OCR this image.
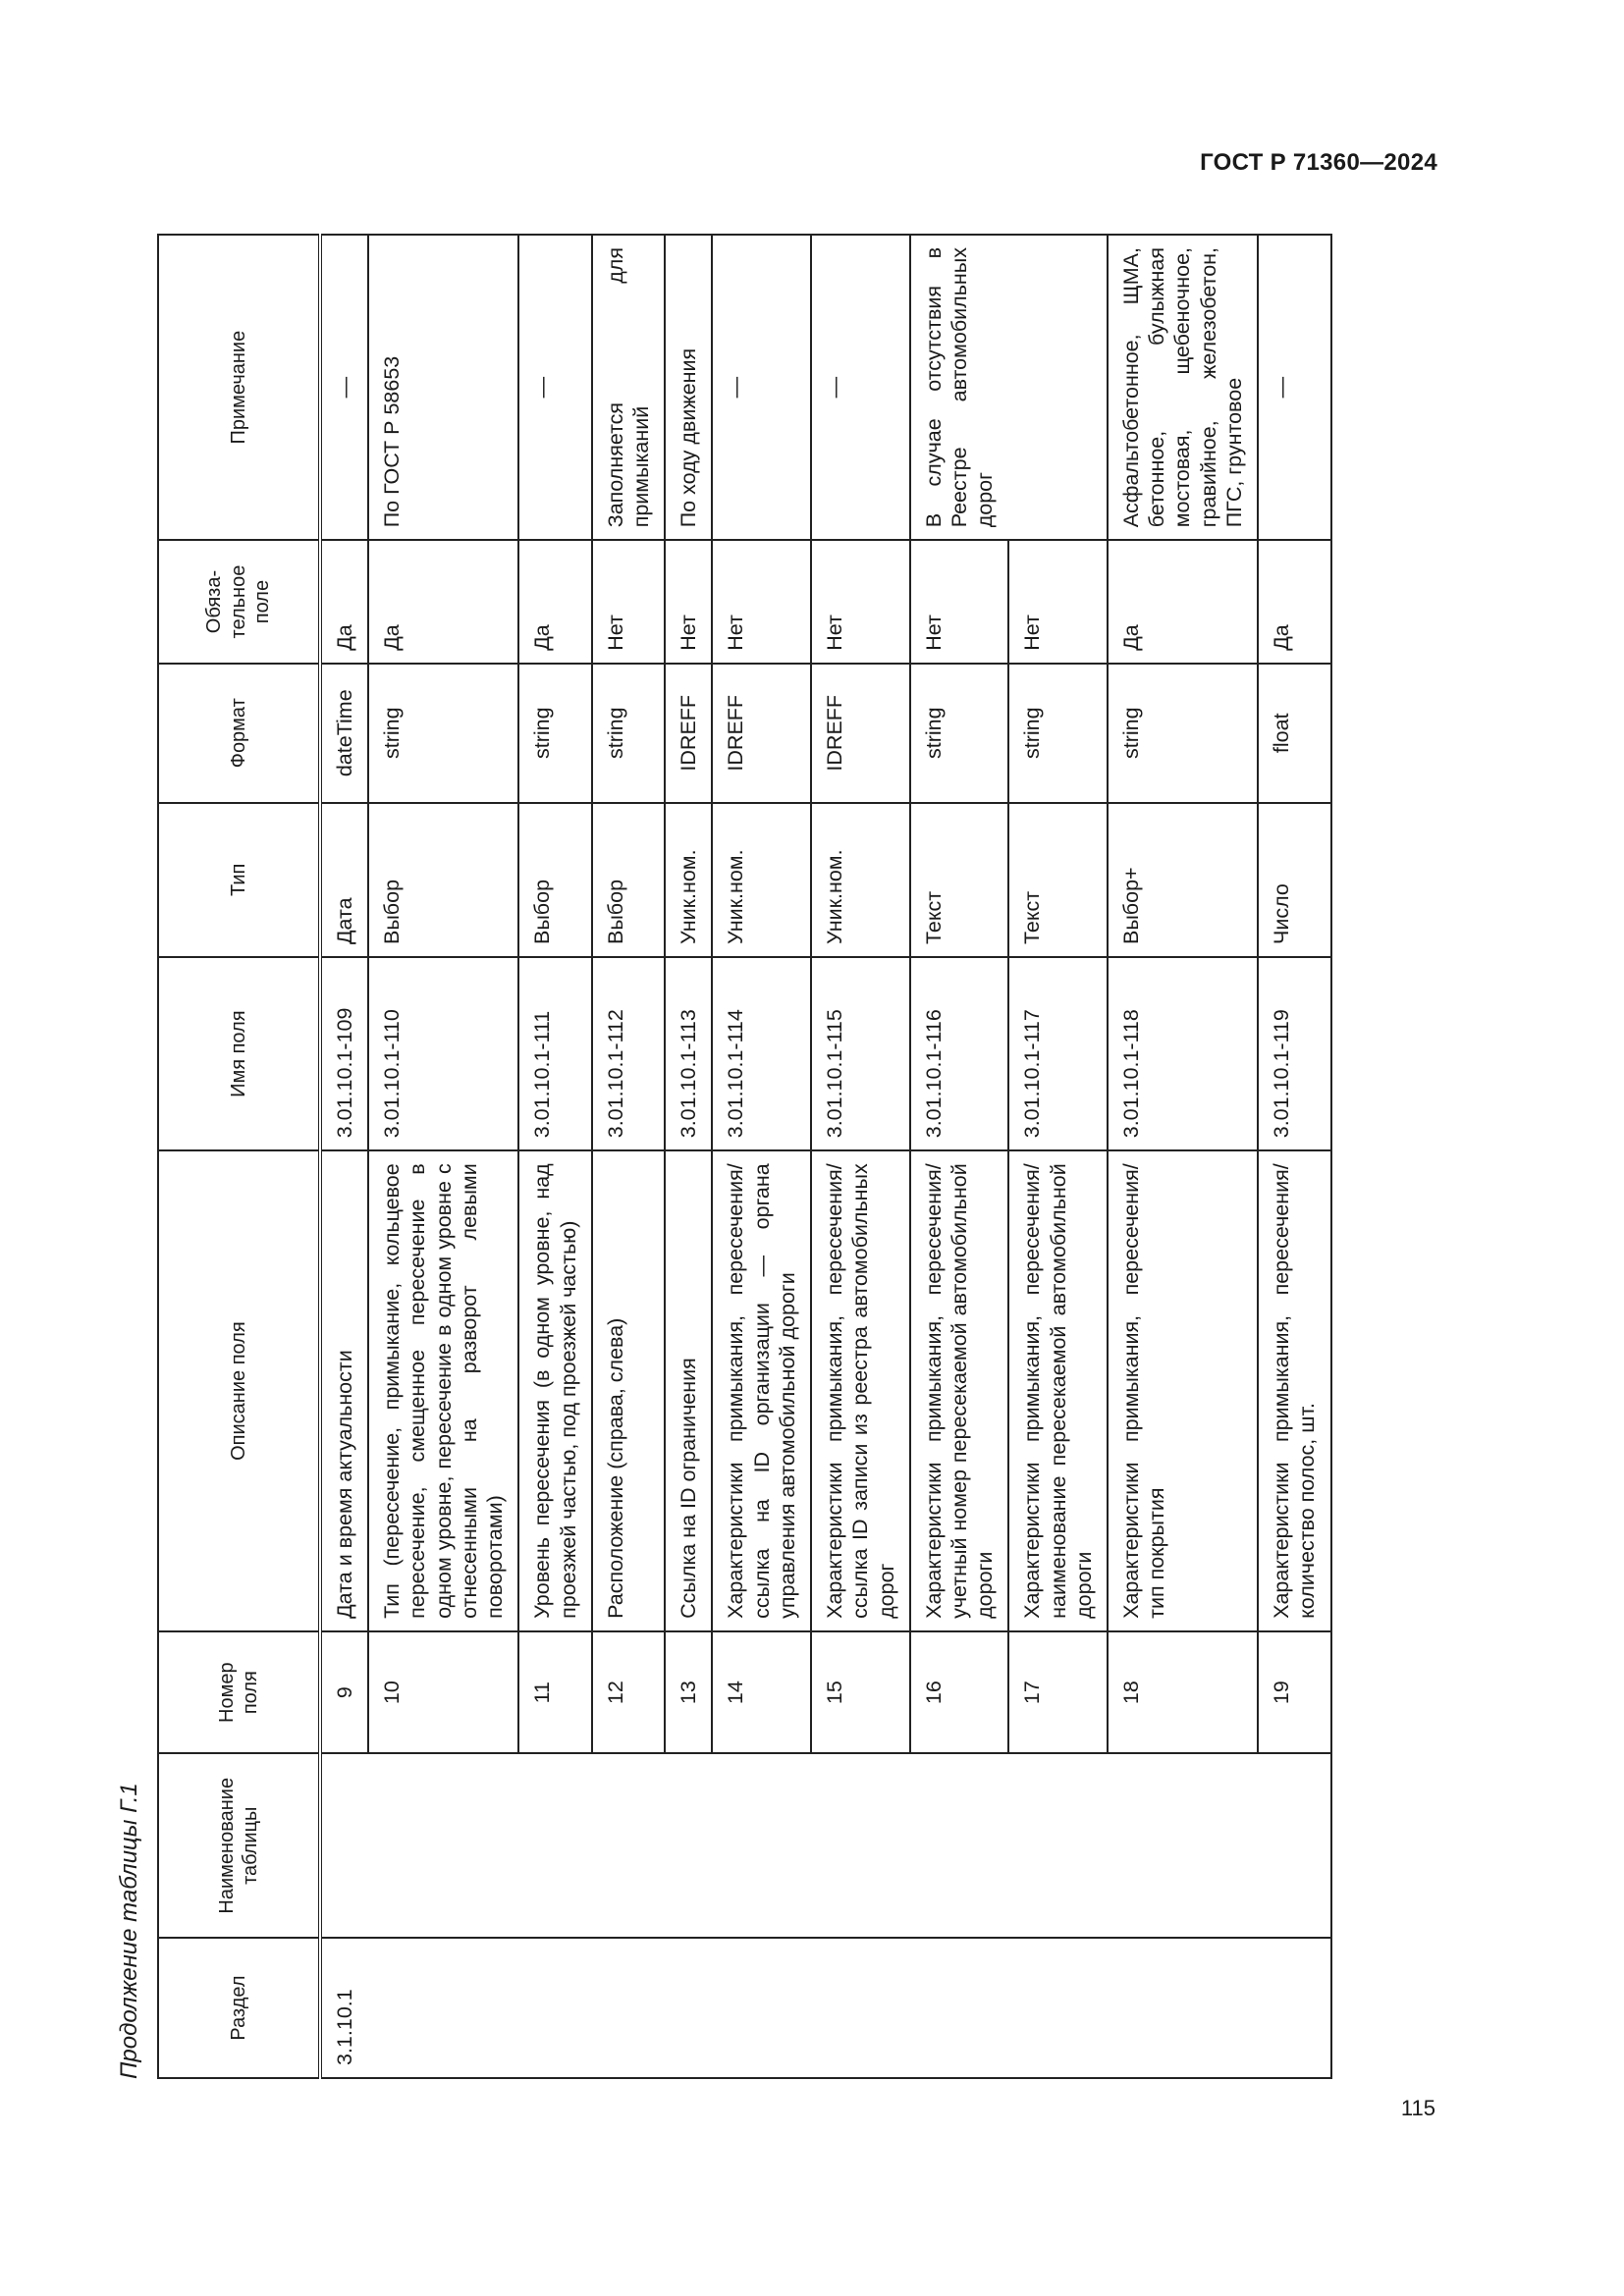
ГОСТ Р 71360—2024
115
Продолжение таблицы Г.1	Раздел	Наименование таблицы	Номер поля	Описание поля	Имя поля	Тип	Формат	Обяза-тельное поле	Примечание
3.1.10.1		9	Дата и время актуальности	3.01.10.1-109	Дата	dateTime	Да	—
		10	Тип (пересечение, примыкание, кольцевое пересечение, смещенное пересечение в одном уровне, пересечение в одном уровне с отнесенными на разворот левыми поворотами)	3.01.10.1-110	Выбор	string	Да	По ГОСТ Р 58653
		11	Уровень пересечения (в одном уровне, над проезжей частью, под проезжей частью)	3.01.10.1-111	Выбор	string	Да	—
		12	Расположение (справа, слева)	3.01.10.1-112	Выбор	string	Нет	Заполняется для примыканий
		13	Ссылка на ID ограничения	3.01.10.1-113	Уник.ном.	IDREFF	Нет	По ходу движения
		14	Характеристики примыкания, пересечения/ссылка на ID организации — органа управления автомобильной дороги	3.01.10.1-114	Уник.ном.	IDREFF	Нет	—
		15	Характеристики примыкания, пересечения/ссылка ID записи из реестра автомобильных дорог	3.01.10.1-115	Уник.ном.	IDREFF	Нет	—
		16	Характеристики примыкания, пересечения/учетный номер пересекаемой автомобильной дороги	3.01.10.1-116	Текст	string	Нет	В случае отсутствия в Реестре автомобильных дорог
		17	Характеристики примыкания, пересечения/наименование пересекаемой автомобильной дороги	3.01.10.1-117	Текст	string	Нет	
		18	Характеристики примыкания, пересечения/тип покрытия	3.01.10.1-118	Выбор+	string	Да	Асфальтобетонное, ЩМА, бетонное, булыжная мостовая, щебеночное, гравийное, железобетон, ПГС, грунтовое
		19	Характеристики примыкания, пересечения/количество полос, шт.	3.01.10.1-119	Число	float	Да	—
